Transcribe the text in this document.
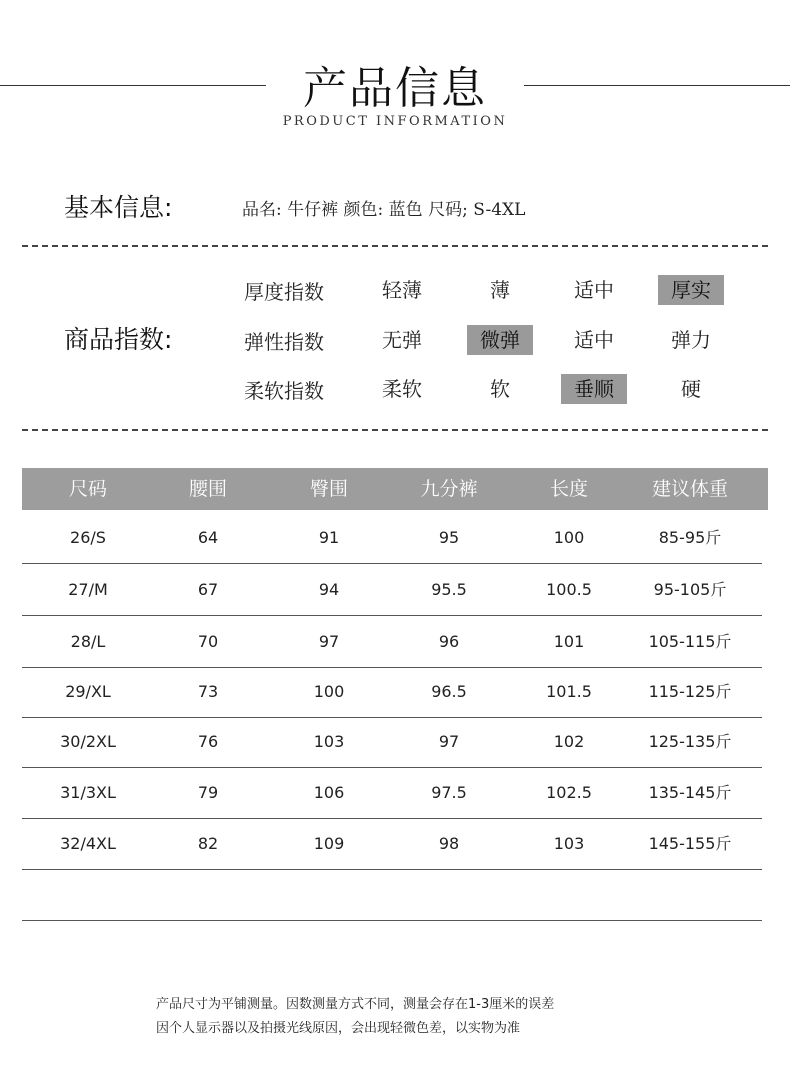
产品信息
PRODUCT INFORMATION
基本信息:	品名: 牛仔裤 颜色: 蓝色 尺码; S-4XL
商品指数:
厚度指数	轻薄	薄	适中	厚实
弹性指数	无弹	微弹	适中	弹力
柔软指数	柔软	软	垂顺	硬
尺码	腰围	臀围	九分裤	长度	建议体重
26/S	64	91	95	100	85-95斤
27/M	67	94	95.5	100.5	95-105斤
28/L	70	97	96	101	105-115斤
29/XL	73	100	96.5	101.5	115-125斤
30/2XL	76	103	97	102	125-135斤
31/3XL	79	106	97.5	102.5	135-145斤
32/4XL	82	109	98	103	145-155斤
产品尺寸为平铺测量。因数测量方式不同，测量会存在1-3厘米的误差
因个人显示器以及拍摄光线原因，会出现轻微色差，以实物为准
